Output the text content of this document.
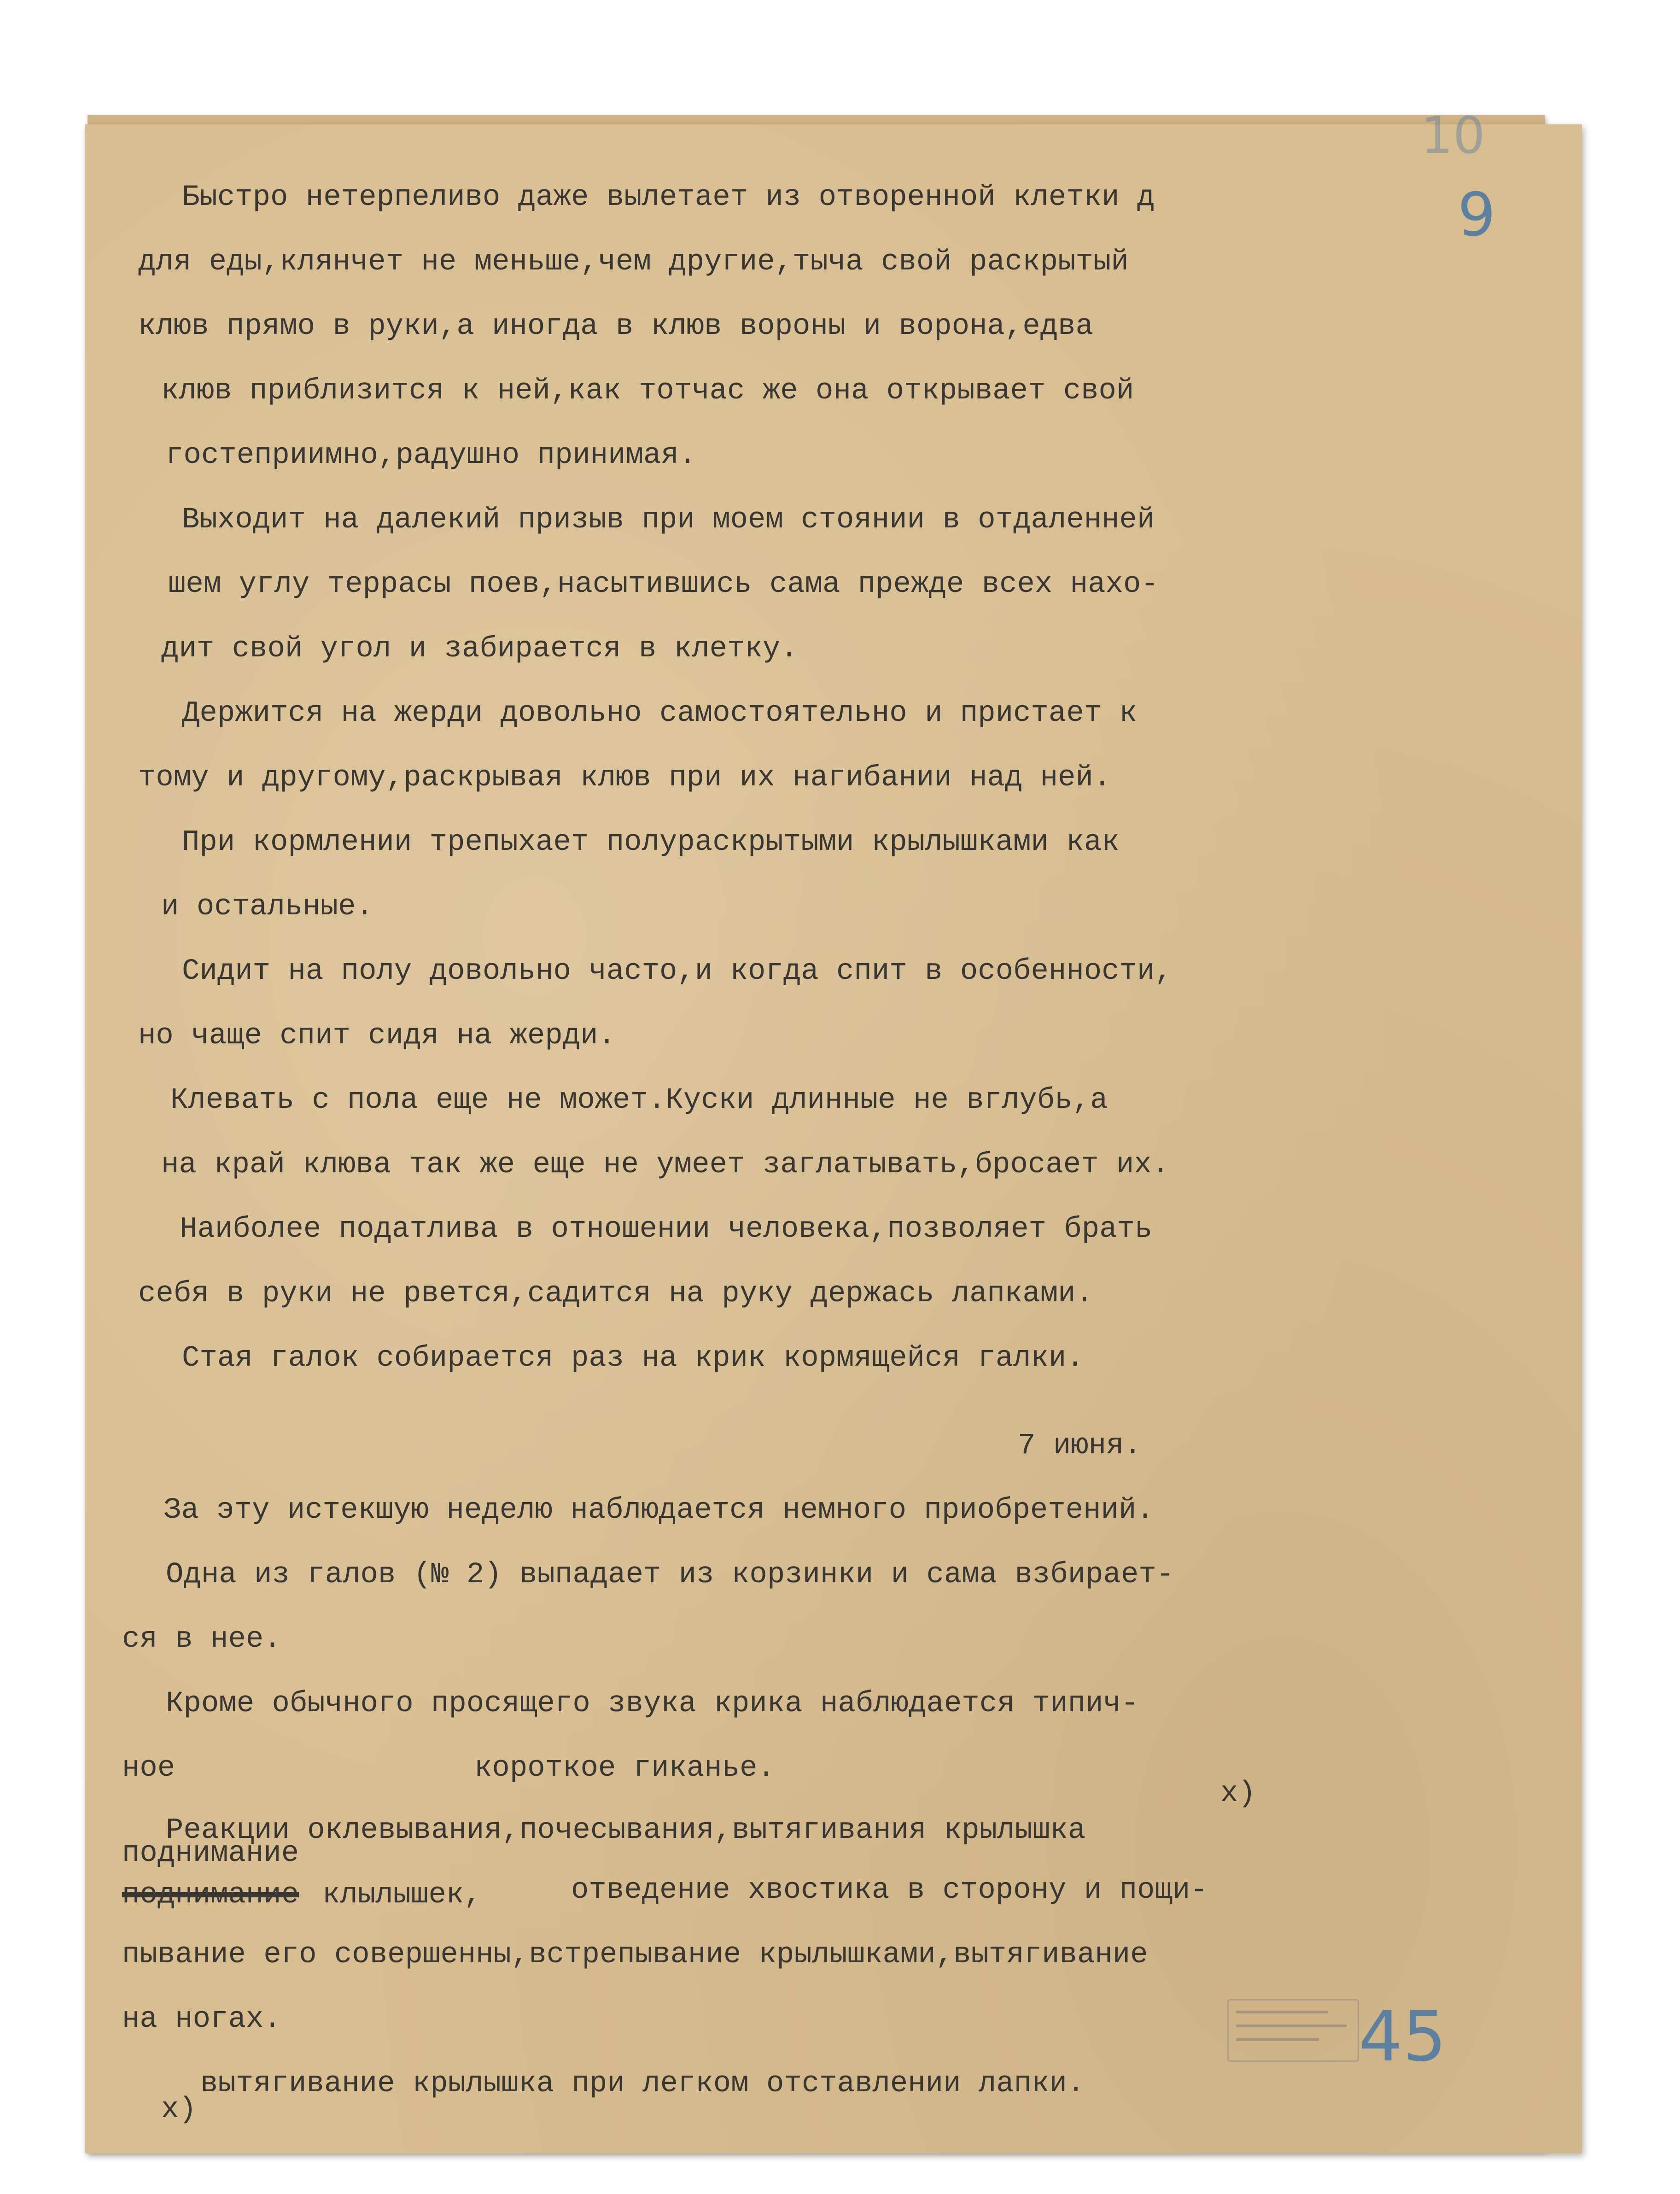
10
9
45
Быстро нетерпеливо даже вылетает из отворенной клетки д
для еды,клянчет не меньше,чем другие,тыча свой раскрытый
клюв прямо в руки,а иногда в клюв вороны и ворона,едва
клюв приблизится к ней,как тотчас же она открывает свой
гостеприимно,радушно принимая.
Выходит на далекий призыв при моем стоянии в отдаленней
шем углу террасы поев,насытившись сама прежде всех нахо-
дит свой угол и забирается в клетку.
Держится на жерди довольно самостоятельно и пристает к
тому и другому,раскрывая клюв при их нагибании над ней.
При кормлении трепыхает полураскрытыми крылышками как
и остальные.
Сидит на полу довольно часто,и когда спит в особенности,
но чаще спит сидя на жерди.
Клевать с пола еще не может.Куски длинные не вглубь,а
на край клюва так же еще не умеет заглатывать,бросает их.
Наиболее податлива в отношении человека,позволяет брать
себя в руки не рвется,садится на руку держась лапками.
Стая галок собирается раз на крик кормящейся галки.
7 июня.
За эту истекшую неделю наблюдается немного приобретений.
Одна из галов (№ 2) выпадает из корзинки и сама взбирает-
ся в нее.
Кроме обычного просящего звука крика наблюдается типич-
ное	короткое гиканье.
x)
Реакции оклевывания,почесывания,вытягивания крылышка
поднимание
поднимание клылышек,	отведение хвостика в сторону и пощи-
пывание его совершенны,встрепывание крылышками,вытягивание
на ногах.
вытягивание крылышка при легком отставлении лапки.
x)
